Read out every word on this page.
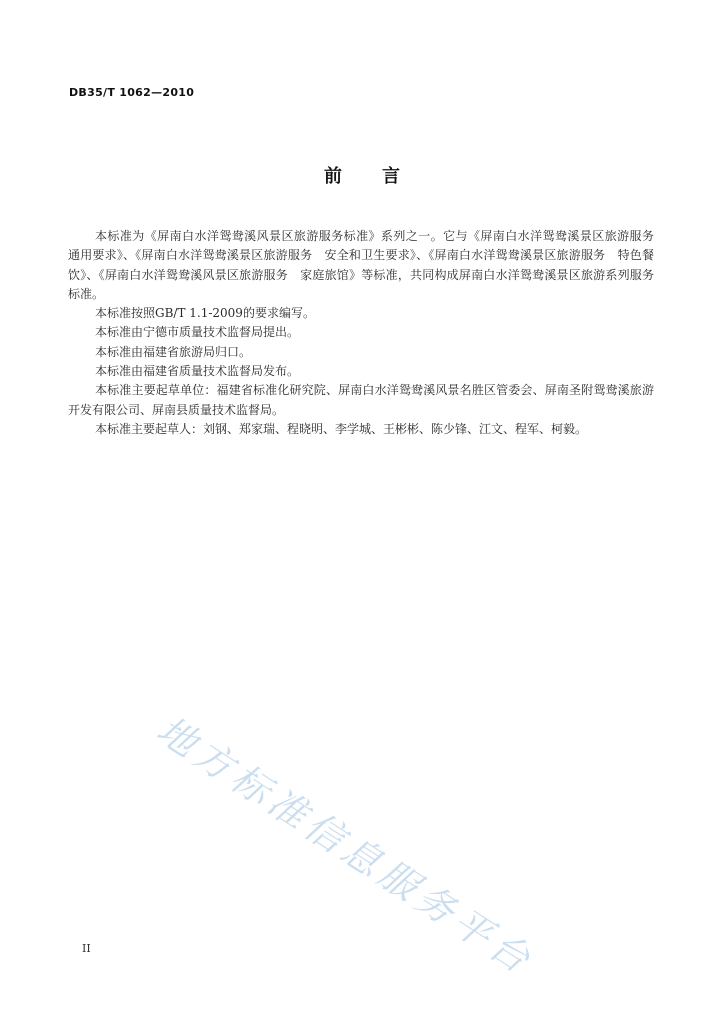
DB35/T 1062—2010
前 言

本标准为《屏南白水洋鸳鸯溪风景区旅游服务标准》系列之一。它与《屏南白水洋鸳鸯溪景区旅游服务　通用要求》、《屏南白水洋鸳鸯溪景区旅游服务　安全和卫生要求》、《屏南白水洋鸳鸯溪景区旅游服务　特色餐饮》、《屏南白水洋鸳鸯溪风景区旅游服务　家庭旅馆》等标准，共同构成屏南白水洋鸳鸯溪景区旅游系列服务标准。

本标准按照GB/T 1.1-2009的要求编写。

本标准由宁德市质量技术监督局提出。

本标准由福建省旅游局归口。

本标准由福建省质量技术监督局发布。

本标准主要起草单位：福建省标准化研究院、屏南白水洋鸳鸯溪风景名胜区管委会、屏南圣附鸳鸯溪旅游开发有限公司、屏南县质量技术监督局。

本标准主要起草人：刘钢、郑家瑞、程晓明、李学城、王彬彬、陈少锋、江文、程军、柯毅。

地方标准信息服务平台
II
